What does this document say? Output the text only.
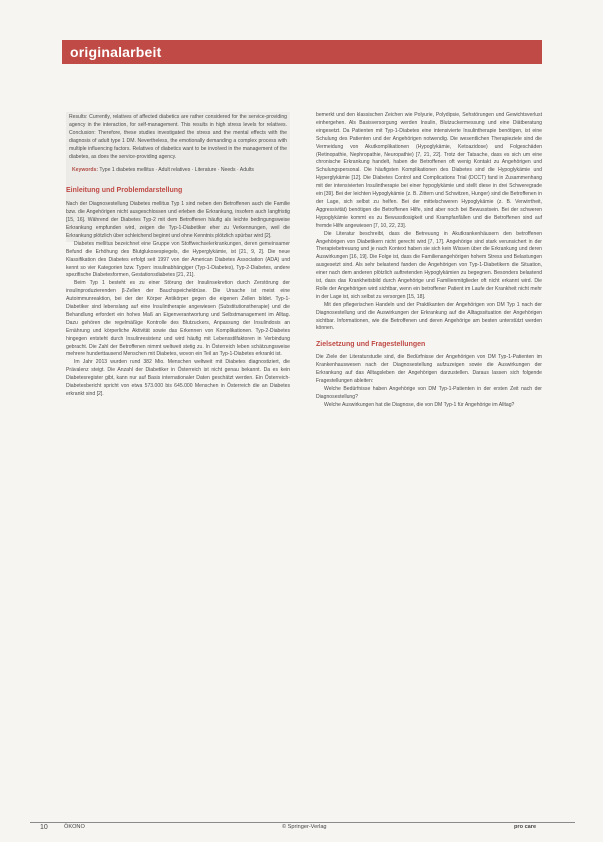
originalarbeit

Results: Currently, relatives of affected diabetics are rather considered for the service-providing agency in the interaction, for self-management. This results in high stress levels for relatives. Conclusion: Therefore, these studies investigated the stress and the mental effects with the diagnosis of adult type 1 DM. Nevertheless, the emotionally demanding a complex process with multiple influencing factors. Relatives of diabetics want to be involved in the management of the diabetes, as does the service-providing agency.

Keywords: Type 1 diabetes mellitus · Adult relatives · Literature · Needs · Adults

Einleitung und Problemdarstellung

Nach der Diagnosestellung Diabetes mellitus Typ 1 sind neben den Betroffenen auch die Familie bzw. die Angehörigen nicht ausgeschlossen und erleben die Erkrankung, insofern auch langfristig [15, 16]. Während der Diabetes Typ-2 mit dem Betroffenen häufig als leichte bedingungsweise Erkrankung empfunden wird, zeigen die Typ-1-Diabetiker eher zu Verkennungen, weil die Erkrankung plötzlich über schleichend beginnt und ohne Kenntnis plötzlich spürbar wird [2].

Diabetes mellitus bezeichnet eine Gruppe von Stoffwechselerkrankungen, deren gemeinsamer Befund die Erhöhung des Blutglukosespiegels, die Hyperglykämie, ist [21, 9, 2]. Die neue Klassifikation des Diabetes erfolgt seit 1997 von der American Diabetes Association (ADA) und kennt so vier Kategorien bzw. Typen: insulinabhängiger (Typ-1-Diabetes), Typ-2-Diabetes, andere spezifische Diabetesformen, Gestationsdiabetes [21, 21].

Beim Typ 1 besteht es zu einer Störung der Insulinsekretion durch Zerstörung der insulinproduzierenden β-Zellen der Bauchspeicheldrüse. Die Ursache ist meist eine Autoimmunreaktion, bei der der Körper Antikörper gegen die eigenen Zellen bildet. Typ-1-Diabetiker sind lebenslang auf eine Insulintherapie angewiesen (Substitutionstherapie) und die Behandlung erfordert ein hohes Maß an Eigenverantwortung und Selbstmanagement im Alltag. Dazu gehören die regelmäßige Kontrolle des Blutzuckers, Anpassung der Insulindosis an Ernährung und körperliche Aktivität sowie das Erkennen von Komplikationen. Typ-2-Diabetes hingegen entsteht durch Insulinresistenz und wird häufig mit Lebensstilfaktoren in Verbindung gebracht. Die Zahl der Betroffenen nimmt weltweit stetig zu. In Österreich leben schätzungsweise mehrere hunderttausend Menschen mit Diabetes, wovon ein Teil an Typ-1-Diabetes erkrankt ist.

Im Jahr 2013 wurden rund 382 Mio. Menschen weltweit mit Diabetes diagnostiziert, die Prävalenz steigt. Die Anzahl der Diabetiker in Österreich ist nicht genau bekannt. Da es kein Diabetesregister gibt, kann nur auf Basis internationaler Daten geschätzt werden. Ein Österreich-Diabetesbericht spricht von etwa 573.000 bis 645.000 Menschen in Österreich die an Diabetes erkrankt sind [2].

bemerkt und den klassischen Zeichen wie Polyurie, Polydipsie, Sehstörungen und Gewichtsverlust einhergehen. Als Basisversorgung werden Insulin, Blutzuckermessung und eine Diätberatung eingesetzt. Da Patienten mit Typ-1-Diabetes eine intensivierte Insulintherapie benötigen, ist eine Schulung des Patienten und der Angehörigen notwendig. Die wesentlichen Therapieziele sind die Vermeidung von Akutkomplikationen (Hypoglykämie, Ketoazidose) und Folgeschäden (Retinopathie, Nephropathie, Neuropathie) [7, 21, 22]. Trotz der Tatsache, dass es sich um eine chronische Erkrankung handelt, haben die Betroffenen oft wenig Kontakt zu Angehörigen und Schulungspersonal. Die häufigsten Komplikationen des Diabetes sind die Hypoglykämie und Hyperglykämie [12]. Die Diabetes Control and Complications Trial (DCCT) fand in Zusammenhang mit der intensivierten Insulintherapie bei einer hypoglykämie und stellt diese in drei Schweregrade ein [39]. Bei der leichten Hypoglykämie (z. B. Zittern und Schwitzen, Hunger) sind die Betroffenen in der Lage, sich selbst zu helfen. Bei der mittelschweren Hypoglykämie (z. B. Verwirrtheit, Aggressivität) benötigen die Betroffenen Hilfe, sind aber noch bei Bewusstsein. Bei der schweren Hypoglykämie kommt es zu Bewusstlosigkeit und Krampfanfällen und die Betroffenen sind auf fremde Hilfe angewiesen [7, 10, 22, 23].

Die Literatur beschreibt, dass die Betreuung in Akutkrankenhäusern den betroffenen Angehörigen von Diabetikern nicht gerecht wird [7, 17]. Angehörige sind stark verunsichert in der Therapiebetreuung und je nach Kontext haben sie sich kein Wissen über die Erkrankung und deren Auswirkungen [16, 19]. Die Folge ist, dass die Familienangehörigen hohem Stress und Belastungen ausgesetzt sind. Als sehr belastend fanden die Angehörigen von Typ-1-Diabetikern die Situation, einer nach dem anderen plötzlich auftretenden Hypoglykämien zu begegnen. Besonders belastend ist, dass das Krankheitsbild durch Angehörige und Familienmitglieder oft nicht erkannt wird. Die Rolle der Angehörigen wird sichtbar, wenn ein betroffener Patient im Laufe der Krankheit nicht mehr in der Lage ist, sich selbst zu versorgen [15, 18].

Mit den pflegerischen Handeln und der Praktikanten der Angehörigen von DM Typ 1 nach der Diagnosestellung und die Auswirkungen der Erkrankung auf die Alltagssituation der Angehörigen sichtbar. Informationen, wie die Betroffenen und deren Angehörige am besten unterstützt werden können.

Zielsetzung und Fragestellungen

Die Ziele der Literaturstudie sind, die Bedürfnisse der Angehörigen von DM Typ-1-Patienten im Krankenhauswesen nach der Diagnosestellung aufzuzeigen sowie die Auswirkungen der Erkrankung auf das Alltagsleben der Angehörigen darzustellen. Daraus lassen sich folgende Fragestellungen ableiten:

Welche Bedürfnisse haben Angehörige von DM Typ-1-Patienten in der ersten Zeit nach der Diagnosestellung?

Welche Auswirkungen hat die Diagnose, die von DM Typ-1 für Angehörige im Alltag?

10	ÖKONO	© Springer-Verlag	pro care
